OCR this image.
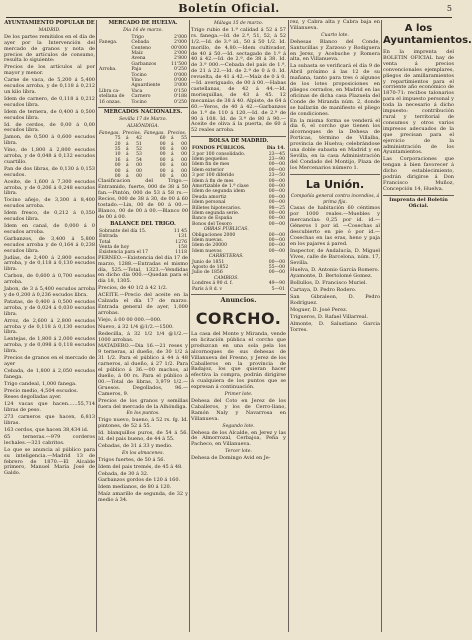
Boletín Oficial.	5
AYUNTAMIENTO POPULAR DE
MADRID.

De los partes remitidos en el día de ayer por la Intervención del mercado de granos y nota de precios de artículos de consumo, resulta lo siguiente:

Precios de los artículos al por mayor y menor.

Carne de vaca, de 5,200 á 5,400 escudos arroba, y de 0,118 á 0,212 un kilo libra.

Idem de carnero, de 0,118 á 0,212 escudos libra.

Idem de ternera, de 0,400 á 0,500 escudos libra.

Id. de cerdos, de 0,00 á 0,00 escudos libra.

Jamon, de 0,500 á 0,600 escudos libra.

Vino, de 1,800 á 2,800 escudos arroba, y de 0,048 á 0,132 escudos cuartillo.

Pan de dos libras, de 0,130 á 0,153 escudos.

Aceite, de 1,600 á 7,300 escudos arroba, y de 0,206 á 0,248 escudos libra.

Tocino añejo, de 3,300 á 8,400 escudos arroba.

Idem fresco, de 0,212 á 0,350 escudos libra.

Idem en canal, de 0,000 á 0 escudos arroba.

Garbanzos, de 3,400 á 5,800 escudos arroba y de 0,164 á 0,238 escudos libra.

Judías, de 2,400 á 2,800 escudos arroba, y de 0,118 á 0,130 escudos libra.

Carbon, de 0,600 á 0,700 escudos arroba.

Jabon, de 3 á 5,400 escudos arroba y de 0,200 á 0,236 escudos libra.

Patatas, de 0,400 á 0,500 escudos arroba, y de 0,024 á 0,030 escudos libra.

Arroz, de 2,600 á 2,800 escudos arroba y de 0,118 á 0,130 escudos libra.

Lentejas, de 1,800 á 2,000 escudos arroba, y de 0,098 á 0,118 escudos libra.

Precios de granos en el mercado de ayer

Cebada, de 1,800 á 2,050 escudos fanega.

Trigo candeal, 1,000 fanega.

Precio medio, 4,504 escudos.

Reses degolladas ayer.

124 vacas que hacen......55,714 libras de peso.

273 carneros que hacen, 6,813 libras.

163 cerdos, que hacen 38,434 id.

65 terneras.—979 corderos lechales.—321 cabritos.

Lo que se anuncia al público para su inteligencia.—Madrid 13 de febrero de 1870.—El Alcalde primero, Manuel María José de Galdo.

MERCADO DE HUELVA.
Dia 16 de marzo.
	Trigo	2'000
Fanega.	Cebada	2'000
	Centeno	00'000
	Maíz	2'000
	Avena	2'800
	Garbanzos	11'500
Arroba.	Paja	0'250
	Tocino	0'000
	Vino	0'000
	Aguardiente	3'000
Libra ca-	Vaca	0'150
stellana de	Carnero	0'188
16 onzas.	Tocino	0'250
MERCADOS NACIONALES.
Sevilla 17 de Marzo.
ALHÓNDIGA.
Fanegas.	Precios.		Fanegas.	Precios.	
75	á	42	60	á	55
20	á	51	00	á	00
35	á	52	00	á	00
10	á	53	00	á	00
16	á	54	00	á	00
00	á	00	00	á	00
00	á	00	00	á	00
00	á	00	00	á	00

Clasificacion del Trigo.—Entramido, fuerte, 000 de 38 á 50 fan.—Pintón, 000 de 53 á 58 rs.—Recios, 000 de 38 á 30, de 00 á 60 tostado.—Lin, 00 de 00 á 00.—Blanco, 00 de 00 á 00.—Blanco 00 de 00 á 00.

BALANCE DEL TRIGO.
Sobrante del día 15.	11 45
Entrada	131
Total	1276
Venta de hoy	158
Existencia para el 17	1118

PERNEO.—Existencia del día 17 de marzo, 1288.—Entradas el mismo día, 525.—Total, 1323.—Vendidas en dicho día 000.—Quedan para el día 18, 1305.

Precios, de 40 1/2 á 42 1/2.

ACEITE.—Precio del aceite en la Calzada el día 17 de marzo. Entrada general de ayer, 1,000 arrobas.

Viejo, á 00 00 000.—000.

Nuevo, á 32 1/4 @1/2.—1500.

Redecilla, á 32 1/2 1/4 @1/2.—1000 arrobas.

MATADERO.—Dia 16.—21 reses y 9 terneras, al dueño, de 30 1/2 á 31 1/2. Para el público á 44 á 48 carneros, al dueño, á 27 1/2. Para el público á 36.—00 machos, al dueño, á 00 rs. Para el público á 00.—Total de libras, 3,979 1/2.—Gruesos. Degollados, 96.—Cameros, 9.

Precios de los granos y semillas fuera del mercado de la Alhóndiga.

En los puntos.

Trigo nuevo, bueno, á 52 rs. fg. Id. pintones, de 52 á 55.

Id. blanquillos puros, de 54 á 56. Id. del pais bueno, de 44 á 55.

Cebadas, de 31 á 33 y medio.

En los almacenes.

Trigos fuertes, de 50 á 56.

Idem del pais tremés, de 45 á 48.

Cebada, de 30 á 32.

Garbanzos gordos de 120 á 160.

Idem medianos, de 80 á 120.

Maíz amarillo de segunda, de 32 y medio á 34.

Málaga 15 de marzo.

Trigo rubio de 1.ª calidad á 52 á 57 rs. fanega.—Id. de 2.ª, 51, 52, á 52 1/2.—Id. de 3.ª id., 50 á 50 1/2. Id. morillo, de 4,80.—Idem cultivador, de 40 á 50.—Id. sectagado de 1.ª á 40 á 42.—Id. de 2.ª, de 38 á 38. Id. de 3.ª 000.—Cebada del país de 1.ª, de 21 á 22.—Id. de 2.ª de 0 á 0. Id. revuelta, de 41 á 42.—Maíz de 0 á 0.—Id. averiguado, de 00 á 00.—Habas castellanas, de 42 á 44.—Id. morisquillas, de 43 á 45. 12 mecanias de 38 á 40. Alpiste, de 64 á 60.—Yeros, de 40 á 42.—Garbanzos de 1.ª de 110 á 120.—Id. de 2.ª de 90 á 108. Id. de 3.ª de 80 á 90.—Aceite de oliva á la puerta, de 60 á 52 reales arroba.

BOLSA DE MADRID.
FONDOS PÚBLICOS.	Día 14.
3 por 100 consolidado.	23—45
Idem pequeños	23—90
Idem fin de mes	00—00
Idem exterior	00—00
3 por 100 diferido	23—50
Idem á fin de mes	00—00
Amortizable de 1.ª clase	00—00
Idem de segunda idem	00—00
Deuda amortiz	00—00
Idem personal	00—00
Billetes hipotecarios.	98—25
Idem segunda serie.	00—00
Banco de España	00—00
Bonos del Tesoro	00—00
OBRAS PÚBLICAS.	
Obligaciones 2000	00—00
Idem nuevas.	00—00
Idem de 20000	00—00
Idem nuevos	00—00
CARRETERAS.	
Junio de 1851	00—00
Agosto de 1852	55—00
Julio de 1856	00—00
CAMBIOS.	
Londres á 90 d. f.	49—90
París á 8 d. v	5—01
Anuncios.
CORCHO.

La casa del Monte y Miranda, vende en licitación pública el corcho que produzcan en una sola pela los alcornoques de sus dehesas de Villanueva del Fresno, y Jerez de los Caballeros en la provincia de Badajoz, los que quieran hacer efectiva la compra, podrán dirigirse á cualquiera de los puntos que se expresan á continuación.

Primer lote.

Dehesa del Coto en Jerez de los Caballeros, y los de Cerro-llano, Ramón Naly y Navarrosa en Villanueva.

Segundo lote.

Dehesa de los Alcalde, en Jerez y las de Almorrozal, Cerbajoa, Peña y Pacheco, en Villanueva.

Tercer lote.

Dehesa de Domingo Avid en Je-

rez, y Cabra alta y Cabra baja en Villanueva.

Cuarto lote.

Dehesas Blanco del Conde, Santucillas y Zarzoso y Rodiguera en Jerez, y Acebuche y Romera alta, en Villanueva.

La subasta se verificará el día 9 de Abril próximo á las 12 de su mañana, tanto para tres ó algunos de los lotes proposiciones en pliegos cerrados, en Madrid en las oficinas de dicha casa Plazuela del Conde de Miranda núm. 2, donde se hallarán de manifiesto el pliego de condiciones.

En la misma forma se venderá el dia 6, el corcho que tienen los alcornoques de la Dehesa de Porticas, término de Villalba, provincia de Huelva; celebrándose una doble subasta en Madrid y en Sevilla, en la casa Administración del Condado del Montijo, Plaza de los Mercenarios número 1.

La Unión.
Compañía general contra incendios, á prima fija.

Casas de habitación 60 céntimos por 1000 reales.—Muebles y mercancías: 0,25 por id. id.—Géneros 1 por id. —Cosechas al descubierto en pie ó por id.—Cosechas en las eras, heno y paja en los pajares á pared.

Inspector, de Andalucía, D. Miguel Vives, calle de Barcelona, núm. 17, Sevilla.

Huelva, D. Antonio García Romero.

Ayamonte, D. Bertolomé Gomez.

Bollullos, D. Francisco Muriel.

Cartaya, D. Pedro Rodero.

San Gibraleon, D. Pedro Rodríguez.

Moguer, D. José Perez.

Trigueros, D. Rafael Villarreal.

Almonte, D. Salustiano Garcia Torres.

A los Ayuntamientos.

En la imprenta del BOLETIN OFICIAL hay de venta á precios convencionales ejemplares, pliegos de amillaramientos y repartimientos para el corriente año económico de 1870-71: recibos talonarios para el impuesto personal y toda la necesario á dicho impuesto: contribución rural y territorial de consumos y otros varios impresos adecuados de la que precisan para el ejercicio de la administración de los Ayuntamientos.

Las Corporaciones que tengan á bien favorecer á dicho establecimiento, podrán dirigirse á Don Francisco Muñoz, Concepción 14, Huelva.

Imprenta del Boletín Oficial.
